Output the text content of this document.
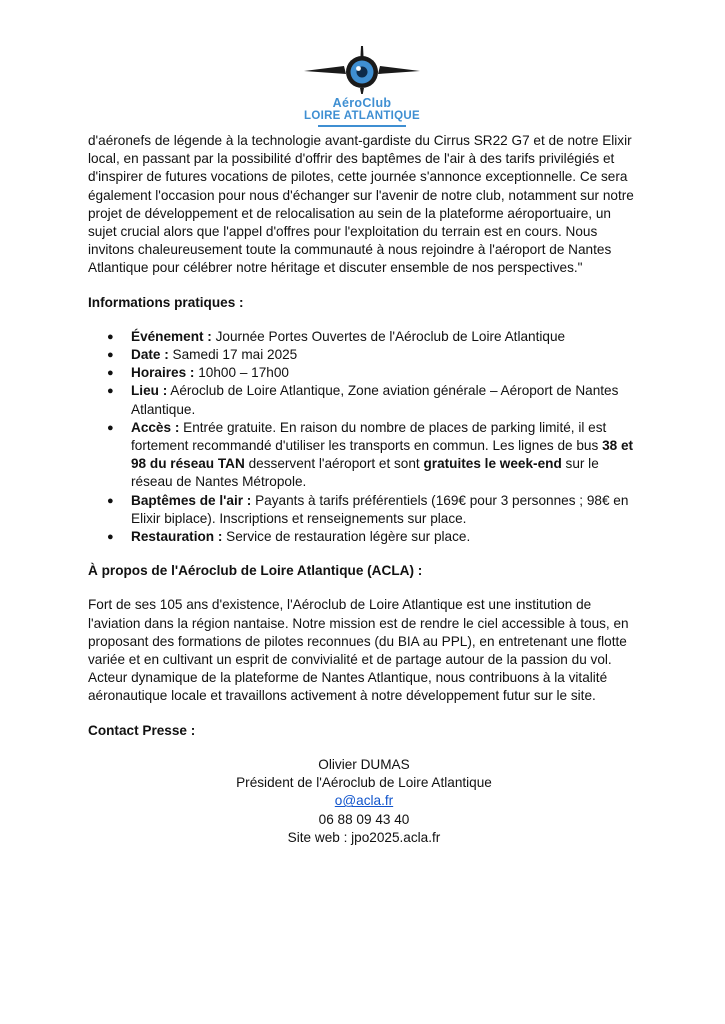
AéroClub
LOIRE ATLANTIQUE

d'aéronefs de légende à la technologie avant-gardiste du Cirrus SR22 G7 et de notre Elixir local, en passant par la possibilité d'offrir des baptêmes de l'air à des tarifs privilégiés et d'inspirer de futures vocations de pilotes, cette journée s'annonce exceptionnelle. Ce sera également l'occasion pour nous d'échanger sur l'avenir de notre club, notamment sur notre projet de développement et de relocalisation au sein de la plateforme aéroportuaire, un sujet crucial alors que l'appel d'offres pour l'exploitation du terrain est en cours. Nous invitons chaleureusement toute la communauté à nous rejoindre à l'aéroport de Nantes Atlantique pour célébrer notre héritage et discuter ensemble de nos perspectives."

Informations pratiques :

● Événement : Journée Portes Ouvertes de l'Aéroclub de Loire Atlantique
● Date : Samedi 17 mai 2025
● Horaires : 10h00 – 17h00
● Lieu : Aéroclub de Loire Atlantique, Zone aviation générale – Aéroport de Nantes Atlantique.
● Accès : Entrée gratuite. En raison du nombre de places de parking limité, il est fortement recommandé d'utiliser les transports en commun. Les lignes de bus 38 et 98 du réseau TAN desservent l'aéroport et sont gratuites le week-end sur le réseau de Nantes Métropole.
● Baptêmes de l'air : Payants à tarifs préférentiels (169€ pour 3 personnes ; 98€ en Elixir biplace). Inscriptions et renseignements sur place.
● Restauration : Service de restauration légère sur place.

À propos de l'Aéroclub de Loire Atlantique (ACLA) :

Fort de ses 105 ans d'existence, l'Aéroclub de Loire Atlantique est une institution de l'aviation dans la région nantaise. Notre mission est de rendre le ciel accessible à tous, en proposant des formations de pilotes reconnues (du BIA au PPL), en entretenant une flotte variée et en cultivant un esprit de convivialité et de partage autour de la passion du vol. Acteur dynamique de la plateforme de Nantes Atlantique, nous contribuons à la vitalité aéronautique locale et travaillons activement à notre développement futur sur le site.

Contact Presse :

Olivier DUMAS
Président de l'Aéroclub de Loire Atlantique
o@acla.fr
06 88 09 43 40
Site web : jpo2025.acla.fr
